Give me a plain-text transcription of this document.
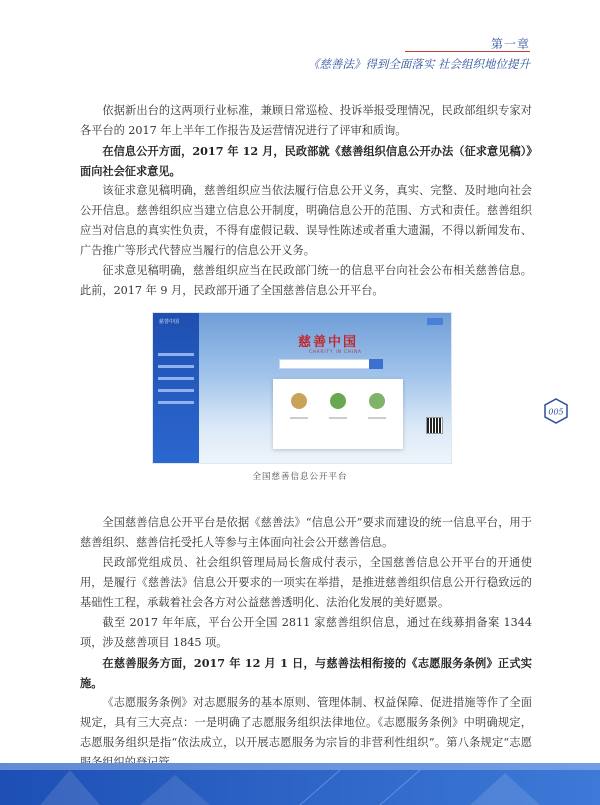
第一章
《慈善法》得到全面落实 社会组织地位提升

依据新出台的这两项行业标准，兼顾日常巡检、投诉举报受理情况，民政部组织专家对各平台的 2017 年上半年工作报告及运营情况进行了评审和质询。

在信息公开方面，2017 年 12 月，民政部就《慈善组织信息公开办法（征求意见稿）》面向社会征求意见。

该征求意见稿明确，慈善组织应当依法履行信息公开义务，真实、完整、及时地向社会公开信息。慈善组织应当建立信息公开制度，明确信息公开的范围、方式和责任。慈善组织应当对信息的真实性负责，不得有虚假记载、误导性陈述或者重大遗漏，不得以新闻发布、广告推广等形式代替应当履行的信息公开义务。

征求意见稿明确，慈善组织应当在民政部门统一的信息平台向社会公布相关慈善信息。此前，2017 年 9 月，民政部开通了全国慈善信息公开平台。

慈善中国
慈善中国
CHARITY IN CHINA
全国慈善信息公开平台

全国慈善信息公开平台是依据《慈善法》“信息公开”要求而建设的统一信息平台，用于慈善组织、慈善信托受托人等参与主体面向社会公开慈善信息。

民政部党组成员、社会组织管理局局长詹成付表示，全国慈善信息公开平台的开通使用，是履行《慈善法》信息公开要求的一项实在举措，是推进慈善组织信息公开行稳致远的基础性工程，承载着社会各方对公益慈善透明化、法治化发展的美好愿景。

截至 2017 年年底，平台公开全国 2811 家慈善组织信息，通过在线募捐备案 1344 项，涉及慈善项目 1845 项。

在慈善服务方面，2017 年 12 月 1 日，与慈善法相衔接的《志愿服务条例》正式实施。

《志愿服务条例》对志愿服务的基本原则、管理体制、权益保障、促进措施等作了全面规定，具有三大亮点：一是明确了志愿服务组织法律地位。《志愿服务条例》中明确规定，志愿服务组织是指“依法成立，以开展志愿服务为宗旨的非营利性组织”。第八条规定“志愿

005
